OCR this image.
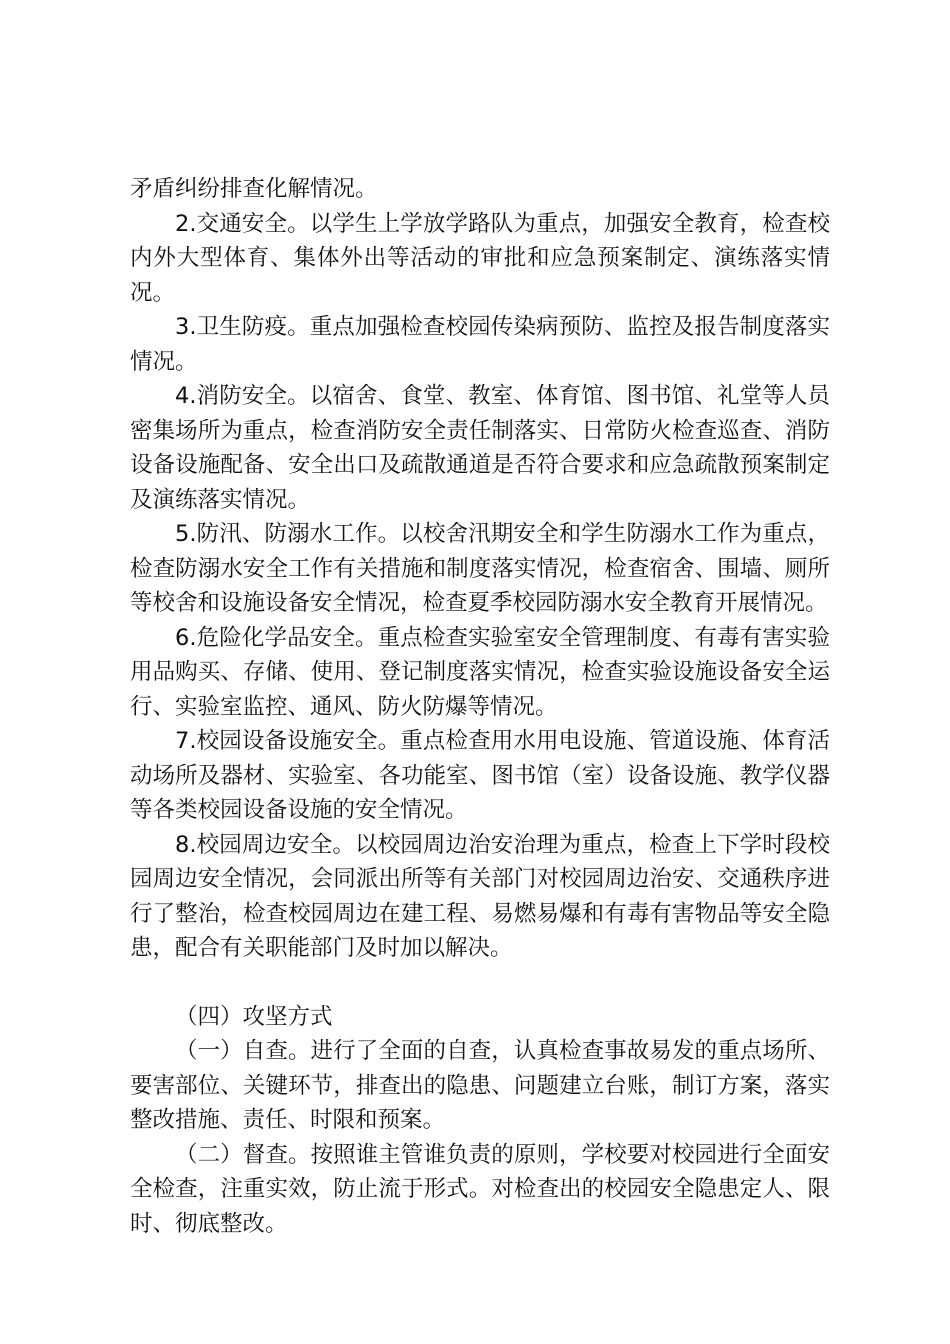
矛盾纠纷排查化解情况。

2.交通安全。以学生上学放学路队为重点，加强安全教育，检查校内外大型体育、集体外出等活动的审批和应急预案制定、演练落实情况。

3.卫生防疫。重点加强检查校园传染病预防、监控及报告制度落实情况。

4.消防安全。以宿舍、食堂、教室、体育馆、图书馆、礼堂等人员密集场所为重点，检查消防安全责任制落实、日常防火检查巡查、消防设备设施配备、安全出口及疏散通道是否符合要求和应急疏散预案制定及演练落实情况。

5.防汛、防溺水工作。以校舍汛期安全和学生防溺水工作为重点，检查防溺水安全工作有关措施和制度落实情况，检查宿舍、围墙、厕所等校舍和设施设备安全情况，检查夏季校园防溺水安全教育开展情况。

6.危险化学品安全。重点检查实验室安全管理制度、有毒有害实验用品购买、存储、使用、登记制度落实情况，检查实验设施设备安全运行、实验室监控、通风、防火防爆等情况。

7.校园设备设施安全。重点检查用水用电设施、管道设施、体育活动场所及器材、实验室、各功能室、图书馆（室）设备设施、教学仪器等各类校园设备设施的安全情况。

8.校园周边安全。以校园周边治安治理为重点，检查上下学时段校园周边安全情况，会同派出所等有关部门对校园周边治安、交通秩序进行了整治，检查校园周边在建工程、易燃易爆和有毒有害物品等安全隐患，配合有关职能部门及时加以解决。

（四）攻坚方式

（一）自查。进行了全面的自查，认真检查事故易发的重点场所、要害部位、关键环节，排查出的隐患、问题建立台账，制订方案，落实整改措施、责任、时限和预案。

（二）督查。按照谁主管谁负责的原则，学校要对校园进行全面安全检查，注重实效，防止流于形式。对检查出的校园安全隐患定人、限时、彻底整改。
